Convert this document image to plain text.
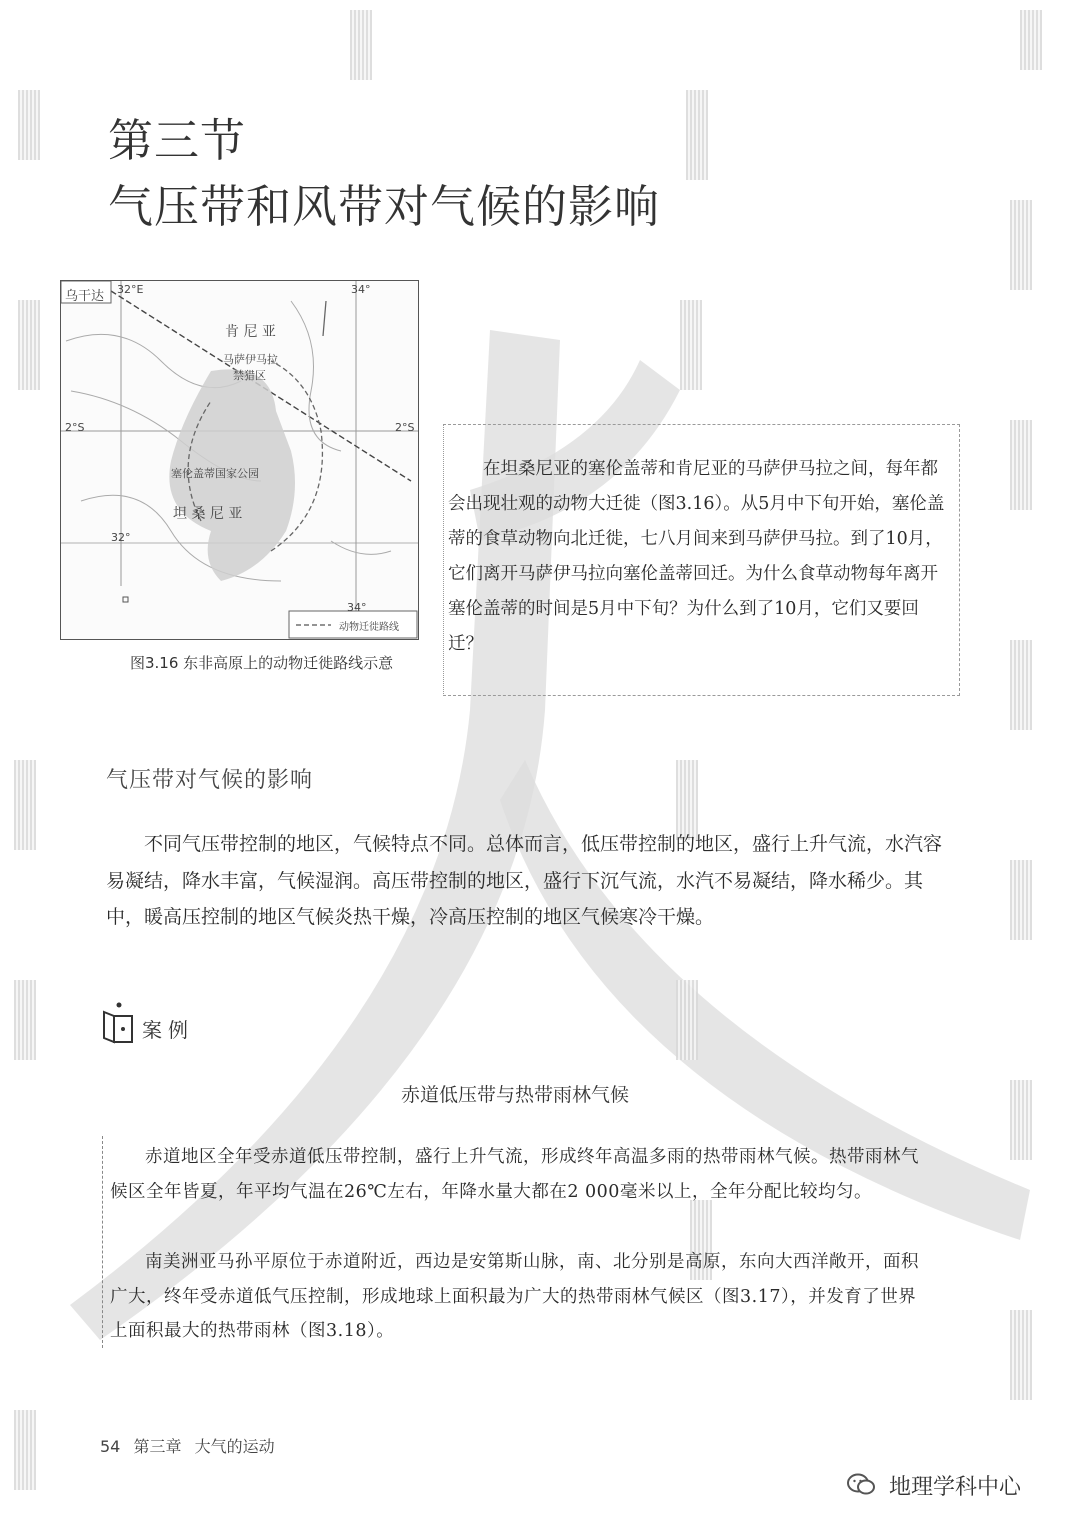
第三节
气压带和风带对气候的影响
乌干达 32°E	34°
肯 尼 亚
马萨伊马拉
禁猎区
2°S	2°S
塞伦盖蒂国家公园
坦 桑 尼 亚
32°
34°
动物迁徙路线
图3.16 东非高原上的动物迁徙路线示意
在坦桑尼亚的塞伦盖蒂和肯尼亚的马萨伊马拉之间，每年都会出现壮观的动物大迁徙（图3.16）。从5月中下旬开始，塞伦盖蒂的食草动物向北迁徙，七八月间来到马萨伊马拉。到了10月，它们离开马萨伊马拉向塞伦盖蒂回迁。为什么食草动物每年离开塞伦盖蒂的时间是5月中下旬？为什么到了10月，它们又要回迁？
气压带对气候的影响
不同气压带控制的地区，气候特点不同。总体而言，低压带控制的地区，盛行上升气流，水汽容易凝结，降水丰富，气候湿润。高压带控制的地区，盛行下沉气流，水汽不易凝结，降水稀少。其中，暖高压控制的地区气候炎热干燥，冷高压控制的地区气候寒冷干燥。
案例
赤道低压带与热带雨林气候
赤道地区全年受赤道低压带控制，盛行上升气流，形成终年高温多雨的热带雨林气候。热带雨林气候区全年皆夏，年平均气温在26℃左右，年降水量大都在2 000毫米以上，全年分配比较均匀。
南美洲亚马孙平原位于赤道附近，西边是安第斯山脉，南、北分别是高原，东向大西洋敞开，面积广大，终年受赤道低气压控制，形成地球上面积最为广大的热带雨林气候区（图3.17），并发育了世界上面积最大的热带雨林（图3.18）。
54 第三章 大气的运动
地理学科中心
